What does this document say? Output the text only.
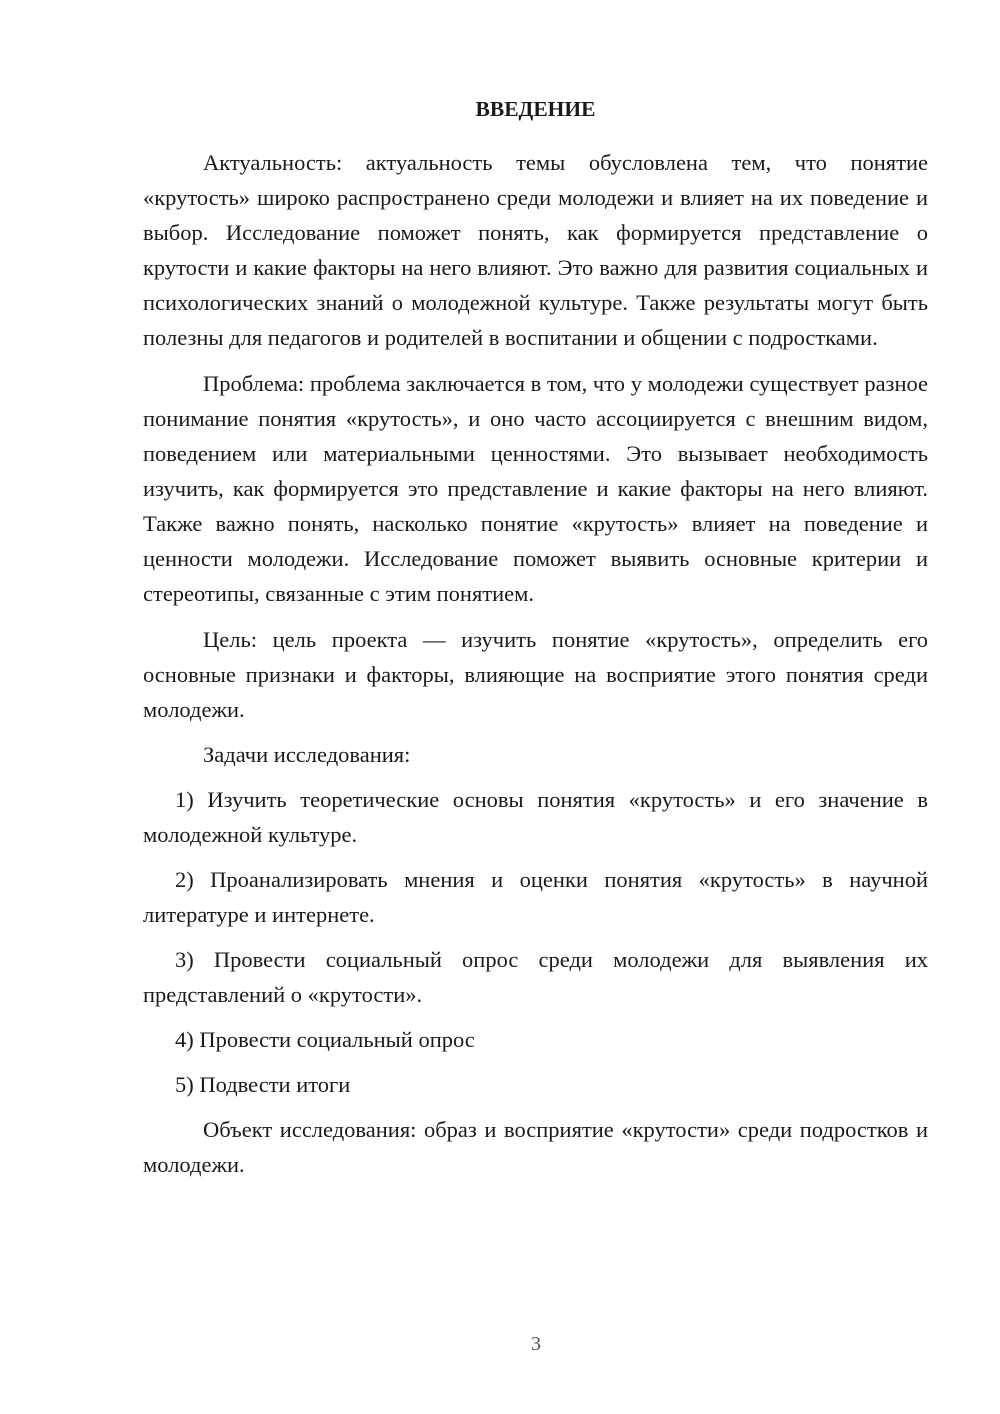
ВВЕДЕНИЕ

Актуальность: актуальность темы обусловлена тем, что понятие «крутость» широко распространено среди молодежи и влияет на их поведение и выбор. Исследование поможет понять, как формируется представление о крутости и какие факторы на него влияют. Это важно для развития социальных и психологических знаний о молодежной культуре. Также результаты могут быть полезны для педагогов и родителей в воспитании и общении с подростками.

Проблема: проблема заключается в том, что у молодежи существует разное понимание понятия «крутость», и оно часто ассоциируется с внешним видом, поведением или материальными ценностями. Это вызывает необходимость изучить, как формируется это представление и какие факторы на него влияют. Также важно понять, насколько понятие «крутость» влияет на поведение и ценности молодежи. Исследование поможет выявить основные критерии и стереотипы, связанные с этим понятием.

Цель: цель проекта — изучить понятие «крутость», определить его основные признаки и факторы, влияющие на восприятие этого понятия среди молодежи.

Задачи исследования:

1) Изучить теоретические основы понятия «крутость» и его значение в молодежной культуре.

2) Проанализировать мнения и оценки понятия «крутость» в научной литературе и интернете.

3) Провести социальный опрос среди молодежи для выявления их представлений о «крутости».

4) Провести социальный опрос

5) Подвести итоги

Объект исследования: образ и восприятие «крутости» среди подростков и молодежи.

3
